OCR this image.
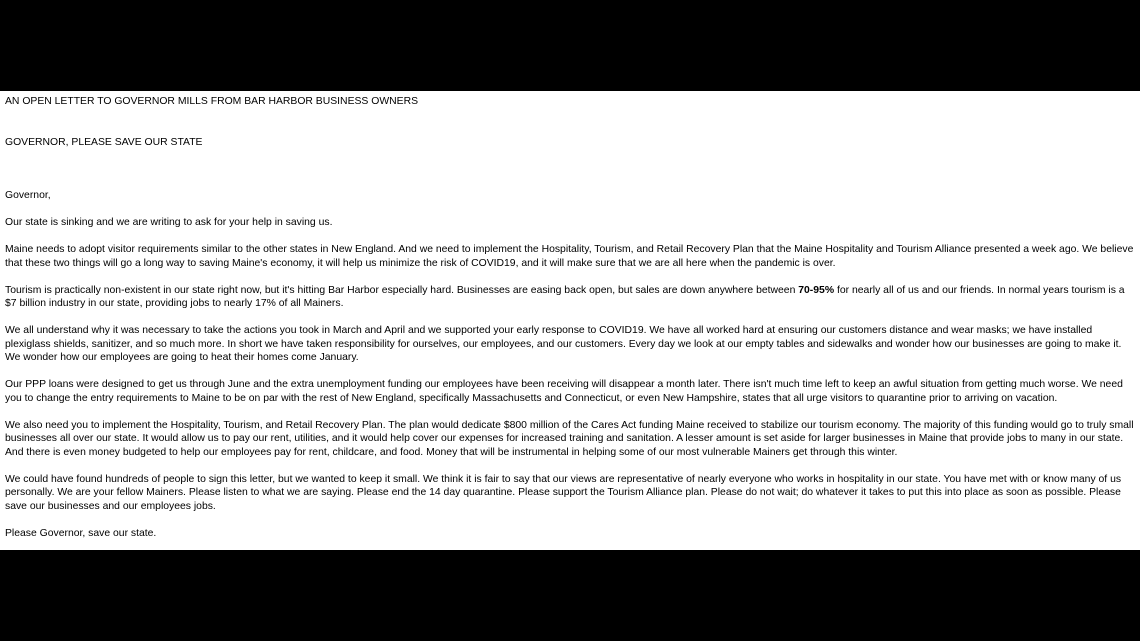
AN OPEN LETTER TO GOVERNOR MILLS FROM BAR HARBOR BUSINESS OWNERS

GOVERNOR, PLEASE SAVE OUR STATE

Governor,

Our state is sinking and we are writing to ask for your help in saving us.

Maine needs to adopt visitor requirements similar to the other states in New England. And we need to implement the Hospitality, Tourism, and Retail Recovery Plan that the Maine Hospitality and Tourism Alliance presented a week ago. We believe that these two things will go a long way to saving Maine's economy, it will help us minimize the risk of COVID19, and it will make sure that we are all here when the pandemic is over.

Tourism is practically non-existent in our state right now, but it's hitting Bar Harbor especially hard. Businesses are easing back open, but sales are down anywhere between 70-95% for nearly all of us and our friends. In normal years tourism is a $7 billion industry in our state, providing jobs to nearly 17% of all Mainers.

We all understand why it was necessary to take the actions you took in March and April and we supported your early response to COVID19. We have all worked hard at ensuring our customers distance and wear masks; we have installed plexiglass shields, sanitizer, and so much more. In short we have taken responsibility for ourselves, our employees, and our customers. Every day we look at our empty tables and sidewalks and wonder how our businesses are going to make it. We wonder how our employees are going to heat their homes come January.

Our PPP loans were designed to get us through June and the extra unemployment funding our employees have been receiving will disappear a month later. There isn't much time left to keep an awful situation from getting much worse. We need you to change the entry requirements to Maine to be on par with the rest of New England, specifically Massachusetts and Connecticut, or even New Hampshire, states that all urge visitors to quarantine prior to arriving on vacation.

We also need you to implement the Hospitality, Tourism, and Retail Recovery Plan. The plan would dedicate $800 million of the Cares Act funding Maine received to stabilize our tourism economy. The majority of this funding would go to truly small businesses all over our state. It would allow us to pay our rent, utilities, and it would help cover our expenses for increased training and sanitation. A lesser amount is set aside for larger businesses in Maine that provide jobs to many in our state. And there is even money budgeted to help our employees pay for rent, childcare, and food. Money that will be instrumental in helping some of our most vulnerable Mainers get through this winter.

We could have found hundreds of people to sign this letter, but we wanted to keep it small. We think it is fair to say that our views are representative of nearly everyone who works in hospitality in our state. You have met with or know many of us personally. We are your fellow Mainers. Please listen to what we are saying. Please end the 14 day quarantine. Please support the Tourism Alliance plan. Please do not wait; do whatever it takes to put this into place as soon as possible. Please save our businesses and our employees jobs.

Please Governor, save our state.
